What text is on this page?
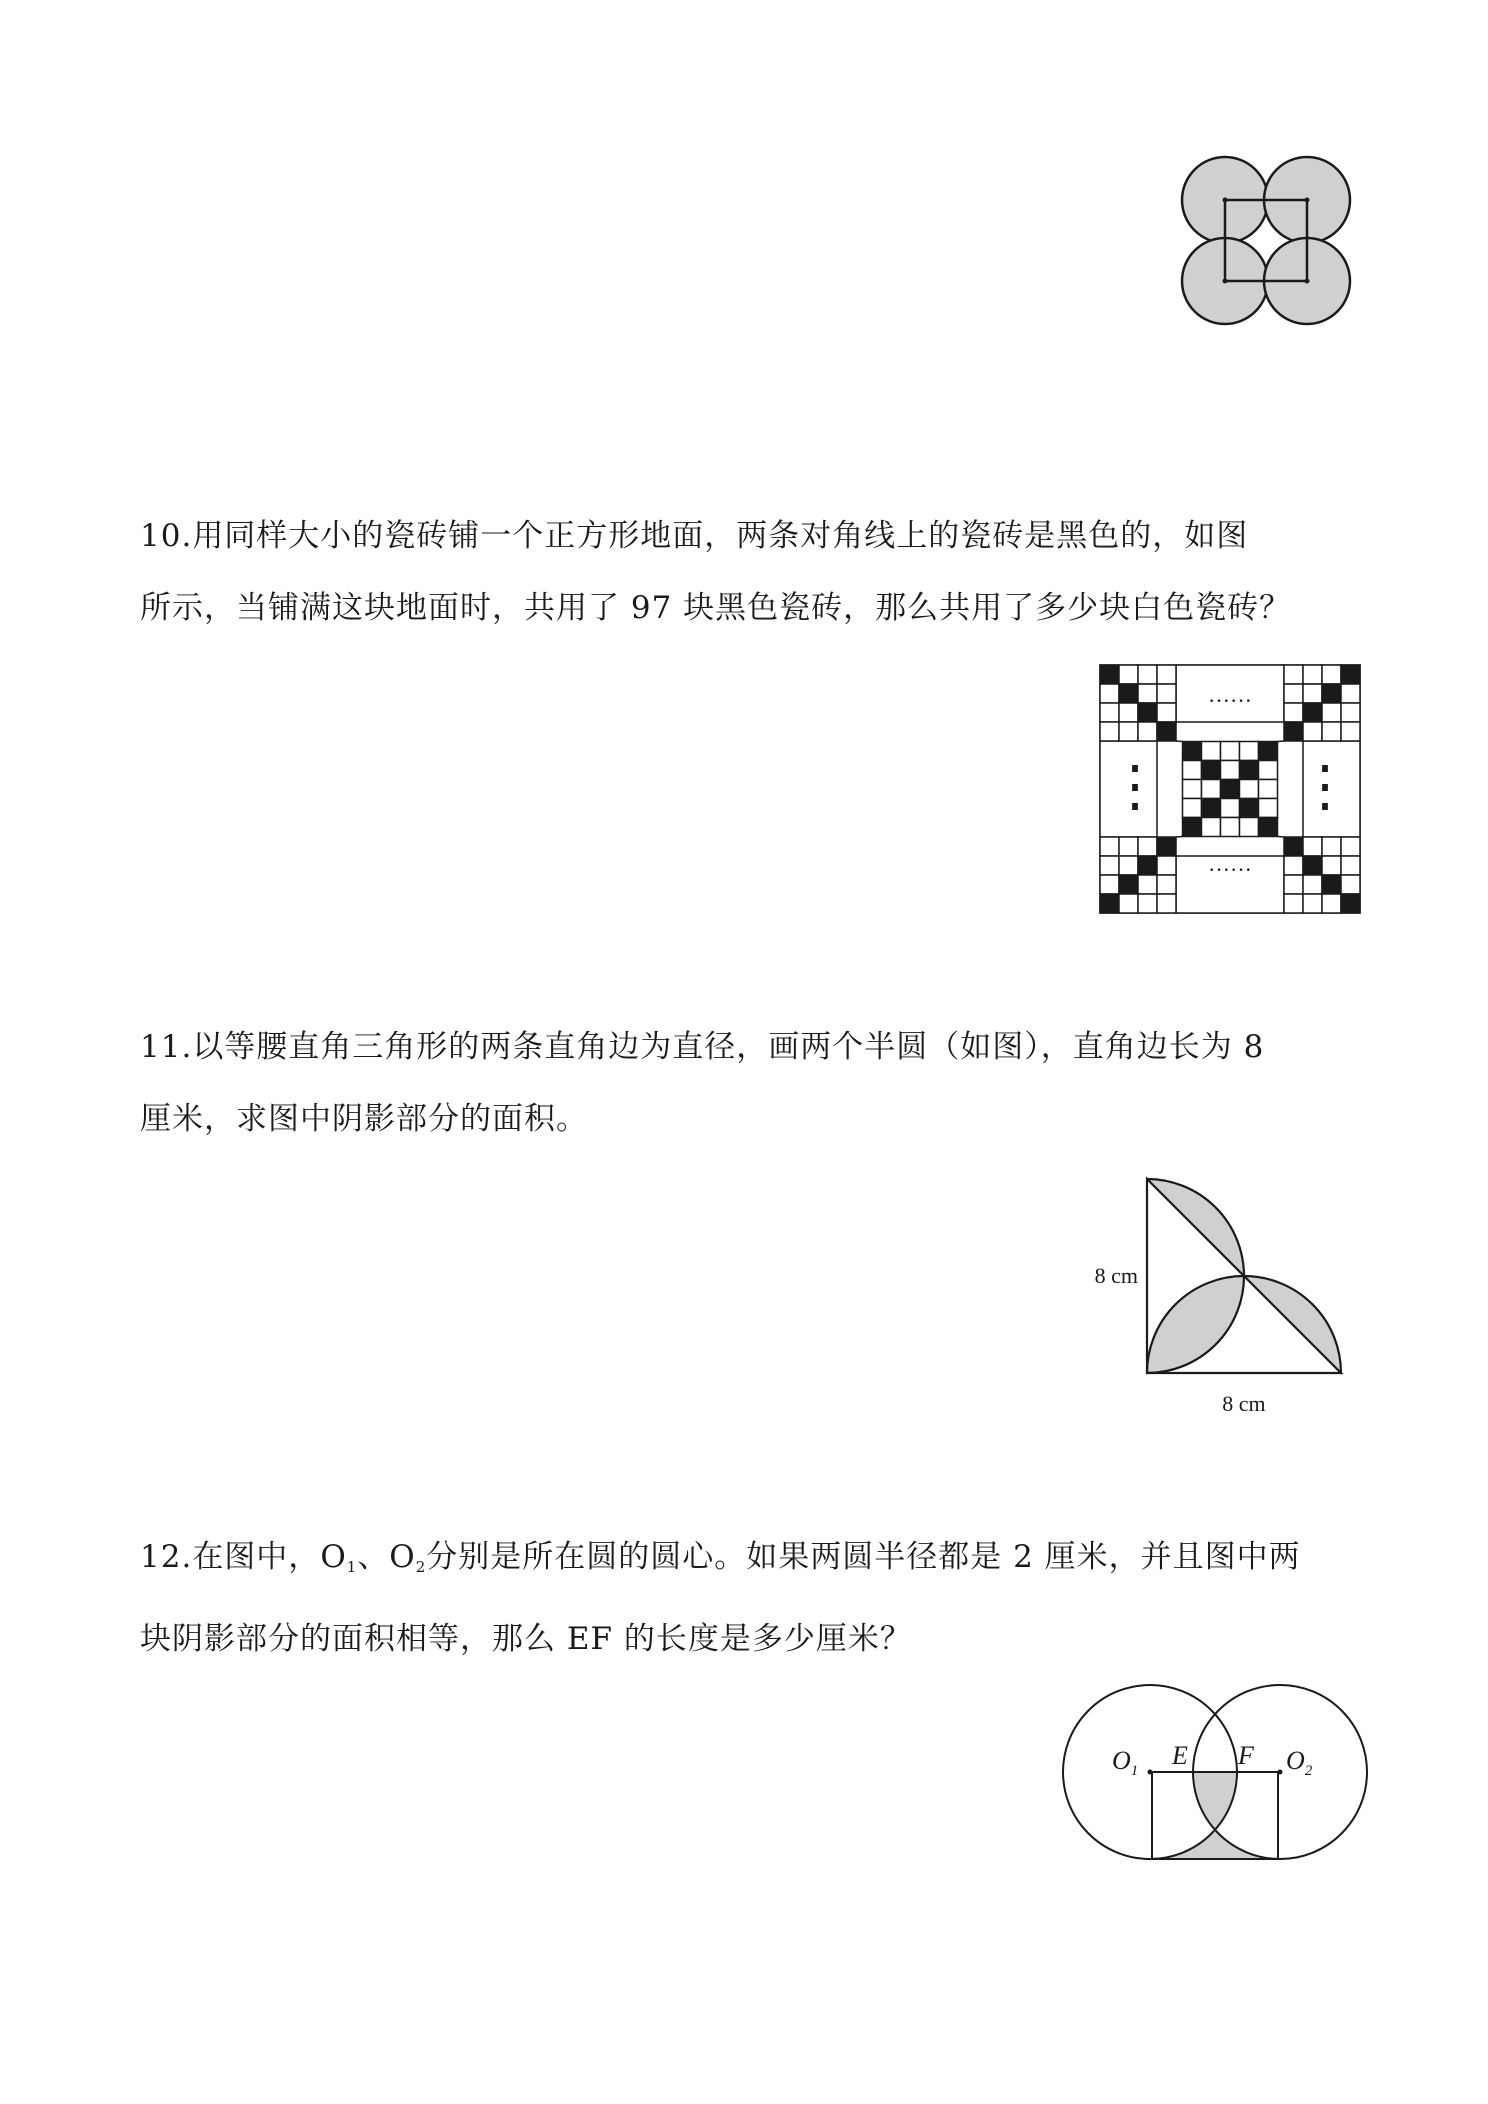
10.用同样大小的瓷砖铺一个正方形地面，两条对角线上的瓷砖是黑色的，如图

所示，当铺满这块地面时，共用了 97 块黑色瓷砖，那么共用了多少块白色瓷砖？

······
······
⋮ ⋮

11.以等腰直角三角形的两条直角边为直径，画两个半圆（如图），直角边长为 8

厘米，求图中阴影部分的面积。

8 cm
8 cm

12.在图中，$O_1$、$O_2$分别是所在圆的圆心。如果两圆半径都是 2 厘米，并且图中两

块阴影部分的面积相等，那么 EF 的长度是多少厘米？

$O_1$
E F $O_2$
